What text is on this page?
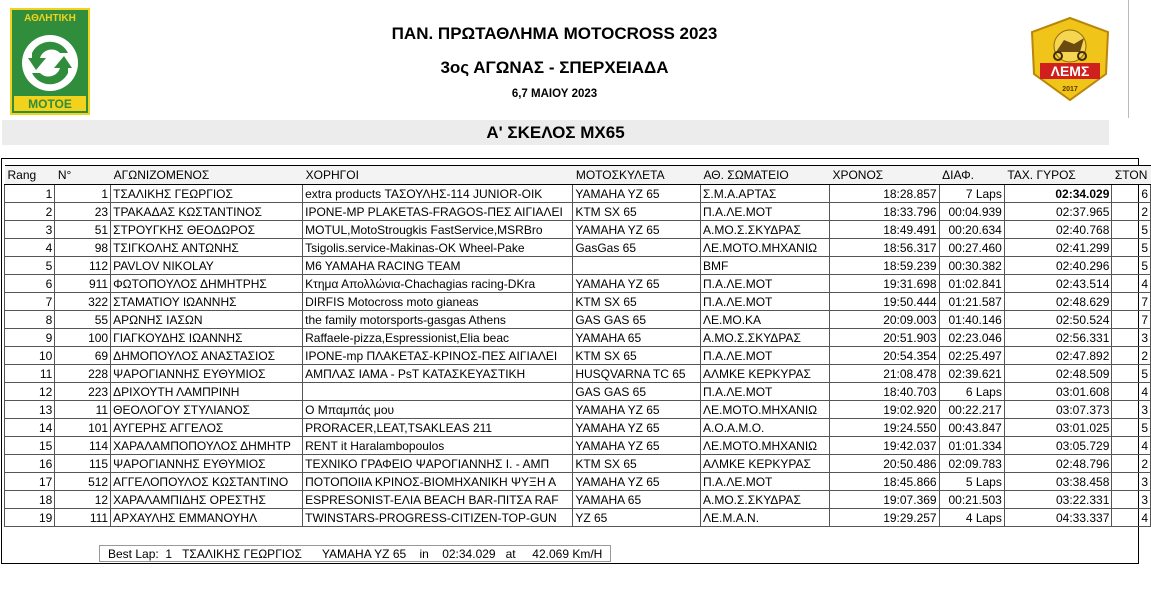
ΑΘΛΗΤΙΚΗ
ΜΟΤΟΕ
ΠΑΝ. ΠΡΩΤΑΘΛΗΜΑ MOTOCROSS 2023
3ος ΑΓΩΝΑΣ - ΣΠΕΡΧΕΙΑΔΑ
6,7 ΜΑΙΟΥ 2023
ΛΕΜΣ
2017
Α' ΣΚΕΛΟΣ MX65
Rang	N°	ΑΓΩΝΙΖΟΜΕΝΟΣ	ΧΟΡΗΓΟΙ	ΜΟΤΟΣΚΥΛΕΤΑ	ΑΘ. ΣΩΜΑΤΕΙΟ	ΧΡΟΝΟΣ	ΔΙΑΦ.	ΤΑΧ. ΓΥΡΟΣ	ΣΤΟΝ
1	1	ΤΣΑΛΙΚΗΣ ΓΕΩΡΓΙΟΣ	extra products ΤΑΣΟΥΛΗΣ-114 JUNIOR-OIK	YAMAHA YZ 65	Σ.Μ.Α.ΑΡΤΑΣ	18:28.857	7 Laps	02:34.029	6
2	23	ΤΡΑΚΑΔΑΣ ΚΩΣΤΑΝΤΙΝΟΣ	IPONE-MP PLAKETAS-FRAGOS-ΠΕΣ ΑΙΓΙΑΛΕΙ	KTM SX 65	Π.Α.ΛΕ.ΜΟΤ	18:33.796	00:04.939	02:37.965	2
3	51	ΣΤΡΟΥΓΚΗΣ ΘΕΟΔΩΡΟΣ	MOTUL,MotoStrougkis FastService,MSRBro	YAMAHA YZ 65	Α.ΜΟ.Σ.ΣΚΥΔΡΑΣ	18:49.491	00:20.634	02:40.768	5
4	98	ΤΣΙΓΚΟΛΗΣ ΑΝΤΩΝΗΣ	Tsigolis.service-Makinas-OK Wheel-Pake	GasGas 65	ΛΕ.ΜΟΤΟ.ΜΗΧΑΝΙΩ	18:56.317	00:27.460	02:41.299	5
5	112	PAVLOV NIKOLAY	M6 YAMAHA RACING TEAM		BMF	18:59.239	00:30.382	02:40.296	5
6	911	ΦΩΤΟΠΟΥΛΟΣ ΔΗΜΗΤΡΗΣ	Κτημα Απολλώνια-Chachagias racing-DKra	YAMAHA YZ 65	Π.Α.ΛΕ.ΜΟΤ	19:31.698	01:02.841	02:43.514	4
7	322	ΣΤΑΜΑΤΙΟΥ ΙΩΑΝΝΗΣ	DIRFIS Motocross moto gianeas	KTM SX 65	Π.Α.ΛΕ.ΜΟΤ	19:50.444	01:21.587	02:48.629	7
8	55	ΑΡΩΝΗΣ ΙΑΣΩΝ	the family motorsports-gasgas Athens	GAS GAS 65	ΛΕ.ΜΟ.ΚΑ	20:09.003	01:40.146	02:50.524	7
9	100	ΓΙΑΓΚΟΥΔΗΣ ΙΩΑΝΝΗΣ	Raffaele-pizza,Espressionist,Elia beac	YAMAHA 65	Α.ΜΟ.Σ.ΣΚΥΔΡΑΣ	20:51.903	02:23.046	02:56.331	3
10	69	ΔΗΜΟΠΟΥΛΟΣ ΑΝΑΣΤΑΣΙΟΣ	IPONE-mp ΠΛΑΚΕΤΑΣ-ΚΡΙΝΟΣ-ΠΕΣ ΑΙΓΙΑΛΕΙ	KTM SX 65	Π.Α.ΛΕ.ΜΟΤ	20:54.354	02:25.497	02:47.892	2
11	228	ΨΑΡΟΓΙΑΝΝΗΣ ΕΥΘΥΜΙΟΣ	ΑΜΠΛΑΣ ΙΑΜΑ - PsT ΚΑΤΑΣΚΕΥΑΣΤΙΚΗ	HUSQVARNA TC 65	ΑΛΜΚΕ ΚΕΡΚΥΡΑΣ	21:08.478	02:39.621	02:48.509	5
12	223	ΔΡΙΧΟΥΤΗ ΛΑΜΠΡΙΝΗ		GAS GAS 65	Π.Α.ΛΕ.ΜΟΤ	18:40.703	6 Laps	03:01.608	4
13	11	ΘΕΟΛΟΓΟΥ ΣΤΥΛΙΑΝΟΣ	Ο Μπαμπάς μου	YAMAHA YZ 65	ΛΕ.ΜΟΤΟ.ΜΗΧΑΝΙΩ	19:02.920	00:22.217	03:07.373	3
14	101	ΑΥΓΕΡΗΣ ΑΓΓΕΛΟΣ	PRORACER,LEAT,TSAKLEAS 211	YAMAHA YZ 65	Α.Ο.Α.Μ.Ο.	19:24.550	00:43.847	03:01.025	5
15	114	ΧΑΡΑΛΑΜΠΟΠΟΥΛΟΣ ΔΗΜΗΤΡ	RENT it Haralambopoulos	YAMAHA YZ 65	ΛΕ.ΜΟΤΟ.ΜΗΧΑΝΙΩ	19:42.037	01:01.334	03:05.729	4
16	115	ΨΑΡΟΓΙΑΝΝΗΣ ΕΥΘΥΜΙΟΣ	ΤΕΧΝΙΚΟ ΓΡΑΦΕΙΟ ΨΑΡΟΓΙΑΝΝΗΣ Ι. - ΑΜΠ	KTM SX 65	ΑΛΜΚΕ ΚΕΡΚΥΡΑΣ	20:50.486	02:09.783	02:48.796	2
17	512	ΑΓΓΕΛΟΠΟΥΛΟΣ ΚΩΣΤΑΝΤΙΝΟ	ΠΟΤΟΠΟΙΙΑ ΚΡΙΝΟΣ-ΒΙΟΜΗΧΑΝΙΚΗ ΨΥΞΗ Α	YAMAHA YZ 65	Π.Α.ΛΕ.ΜΟΤ	18:45.866	5 Laps	03:38.458	3
18	12	ΧΑΡΑΛΑΜΠΙΔΗΣ ΟΡΕΣΤΗΣ	ESPRESONIST-ΕΛΙΑ BEACH BAR-ΠΙΤΣΑ RAF	YAMAHA 65	Α.ΜΟ.Σ.ΣΚΥΔΡΑΣ	19:07.369	00:21.503	03:22.331	3
19	111	ΑΡΧΑΥΛΗΣ ΕΜΜΑΝΟΥΗΛ	TWINSTARS-PROGRESS-CITIZEN-TOP-GUN	YZ 65	ΛΕ.Μ.Α.Ν.	19:29.257	4 Laps	04:33.337	4
Best Lap: 1 ΤΣΑΛΙΚΗΣ ΓΕΩΡΓΙΟΣ YAMAHA YZ 65 in 02:34.029 at 42.069 Km/H
